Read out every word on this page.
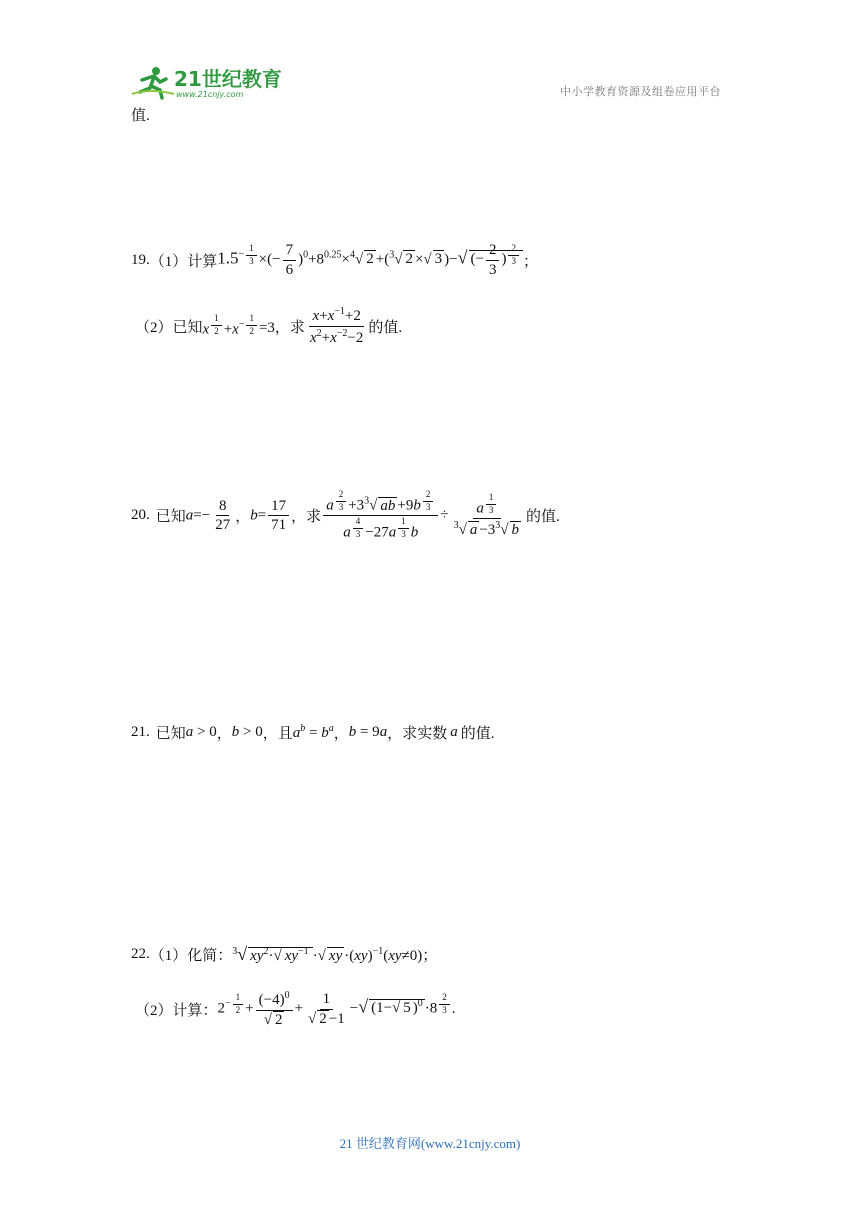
21世纪教育
www.21cnjy.com	中小学教育资源及组卷应用平台
值.
19. （1）计算 $1.5^{- \frac{1}{3}}$ ×(− $\frac{7}{6} )^0+8^{0.25}\times^4√$ 2 +($^3$√ 2 ×√ 3 )−√ (− $\frac{2}{3}$ ) $^{\frac{2}{3}}$ ；
（2）已知 x $^{\frac{1}{2}} +x^{- \frac{1}{2}} =3$，求 $\frac{x+x^{-1}+2}{x^2+x^{-2}-2}$ 的值.
20. 已知 $a=- \frac{8}{27}$ ， $b= \frac{17}{71}$ ，求 a $^{\frac{2}{3}} +3^3√$ ab +9b $^{\frac{2}{3}}$
a $^{\frac{4}{3}}$ −27a $^{\frac{1}{3}}$ b ÷ a $^{\frac{1}{3}}$
$^3$√ $a -3^3√$ b 的值.
21. 已知 a > 0 ， b > 0 ，且 $a^b = b^a$ ， b = 9a ，求实数 a 的值.
22. （1）化简： $^3$√ $xy^2\cdot√$ $xy^{-1}$ ·√ xy ·(xy)$^{-1}$(xy≠0) ；
（2）计算： $2^{- \frac{1}{2}} + \frac{(-4)^0}{√ 2} + \frac{1}{√ 2 -1}$ −√ (1−√ 5 )$^0$ ·8 $^{\frac{2}{3}}$ .
21 世纪教育网(www.21cnjy.com)
